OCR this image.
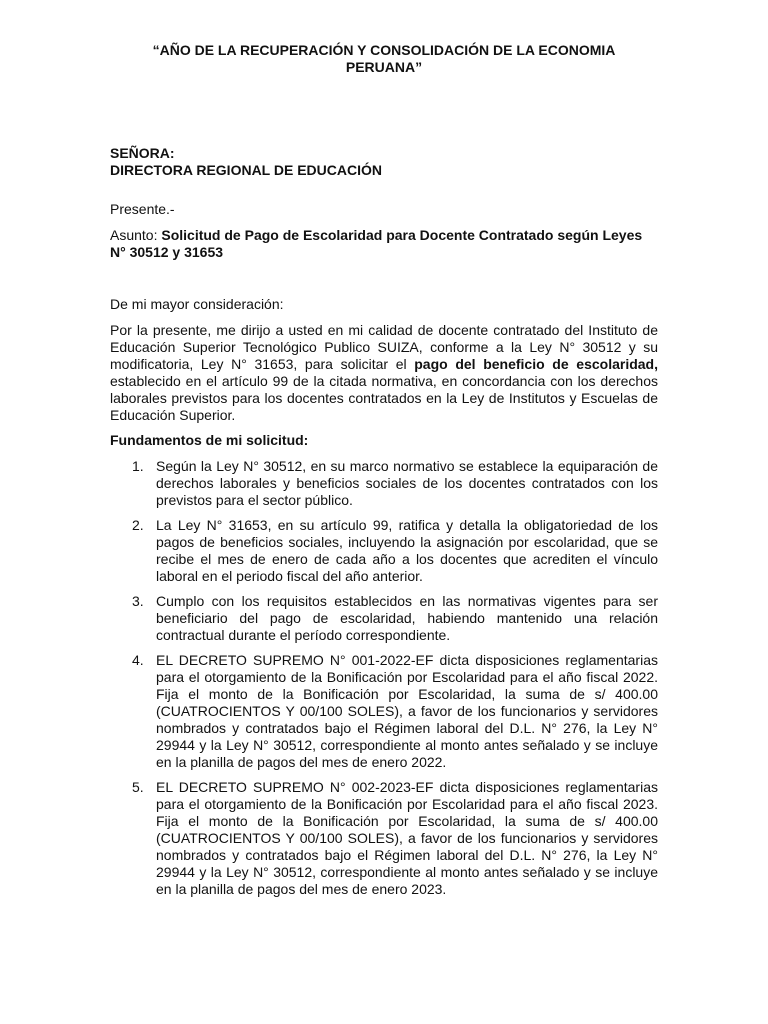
“AÑO DE LA RECUPERACIÓN Y CONSOLIDACIÓN DE LA ECONOMIA
PERUANA”
SEÑORA:
DIRECTORA REGIONAL DE EDUCACIÓN
Presente.-
Asunto: Solicitud de Pago de Escolaridad para Docente Contratado según Leyes N° 30512 y 31653
De mi mayor consideración:
Por la presente, me dirijo a usted en mi calidad de docente contratado del Instituto de Educación Superior Tecnológico Publico SUIZA, conforme a la Ley N° 30512 y su modificatoria, Ley N° 31653, para solicitar el pago del beneficio de escolaridad, establecido en el artículo 99 de la citada normativa, en concordancia con los derechos laborales previstos para los docentes contratados en la Ley de Institutos y Escuelas de Educación Superior.
Fundamentos de mi solicitud:
1. Según la Ley N° 30512, en su marco normativo se establece la equiparación de derechos laborales y beneficios sociales de los docentes contratados con los previstos para el sector público.
2. La Ley N° 31653, en su artículo 99, ratifica y detalla la obligatoriedad de los pagos de beneficios sociales, incluyendo la asignación por escolaridad, que se recibe el mes de enero de cada año a los docentes que acrediten el vínculo laboral en el periodo fiscal del año anterior.
3. Cumplo con los requisitos establecidos en las normativas vigentes para ser beneficiario del pago de escolaridad, habiendo mantenido una relación contractual durante el período correspondiente.
4. EL DECRETO SUPREMO N° 001-2022-EF dicta disposiciones reglamentarias para el otorgamiento de la Bonificación por Escolaridad para el año fiscal 2022. Fija el monto de la Bonificación por Escolaridad, la suma de s/ 400.00 (CUATROCIENTOS Y 00/100 SOLES), a favor de los funcionarios y servidores nombrados y contratados bajo el Régimen laboral del D.L. N° 276, la Ley N° 29944 y la Ley N° 30512, correspondiente al monto antes señalado y se incluye en la planilla de pagos del mes de enero 2022.
5. EL DECRETO SUPREMO N° 002-2023-EF dicta disposiciones reglamentarias para el otorgamiento de la Bonificación por Escolaridad para el año fiscal 2023. Fija el monto de la Bonificación por Escolaridad, la suma de s/ 400.00 (CUATROCIENTOS Y 00/100 SOLES), a favor de los funcionarios y servidores nombrados y contratados bajo el Régimen laboral del D.L. N° 276, la Ley N° 29944 y la Ley N° 30512, correspondiente al monto antes señalado y se incluye en la planilla de pagos del mes de enero 2023.
